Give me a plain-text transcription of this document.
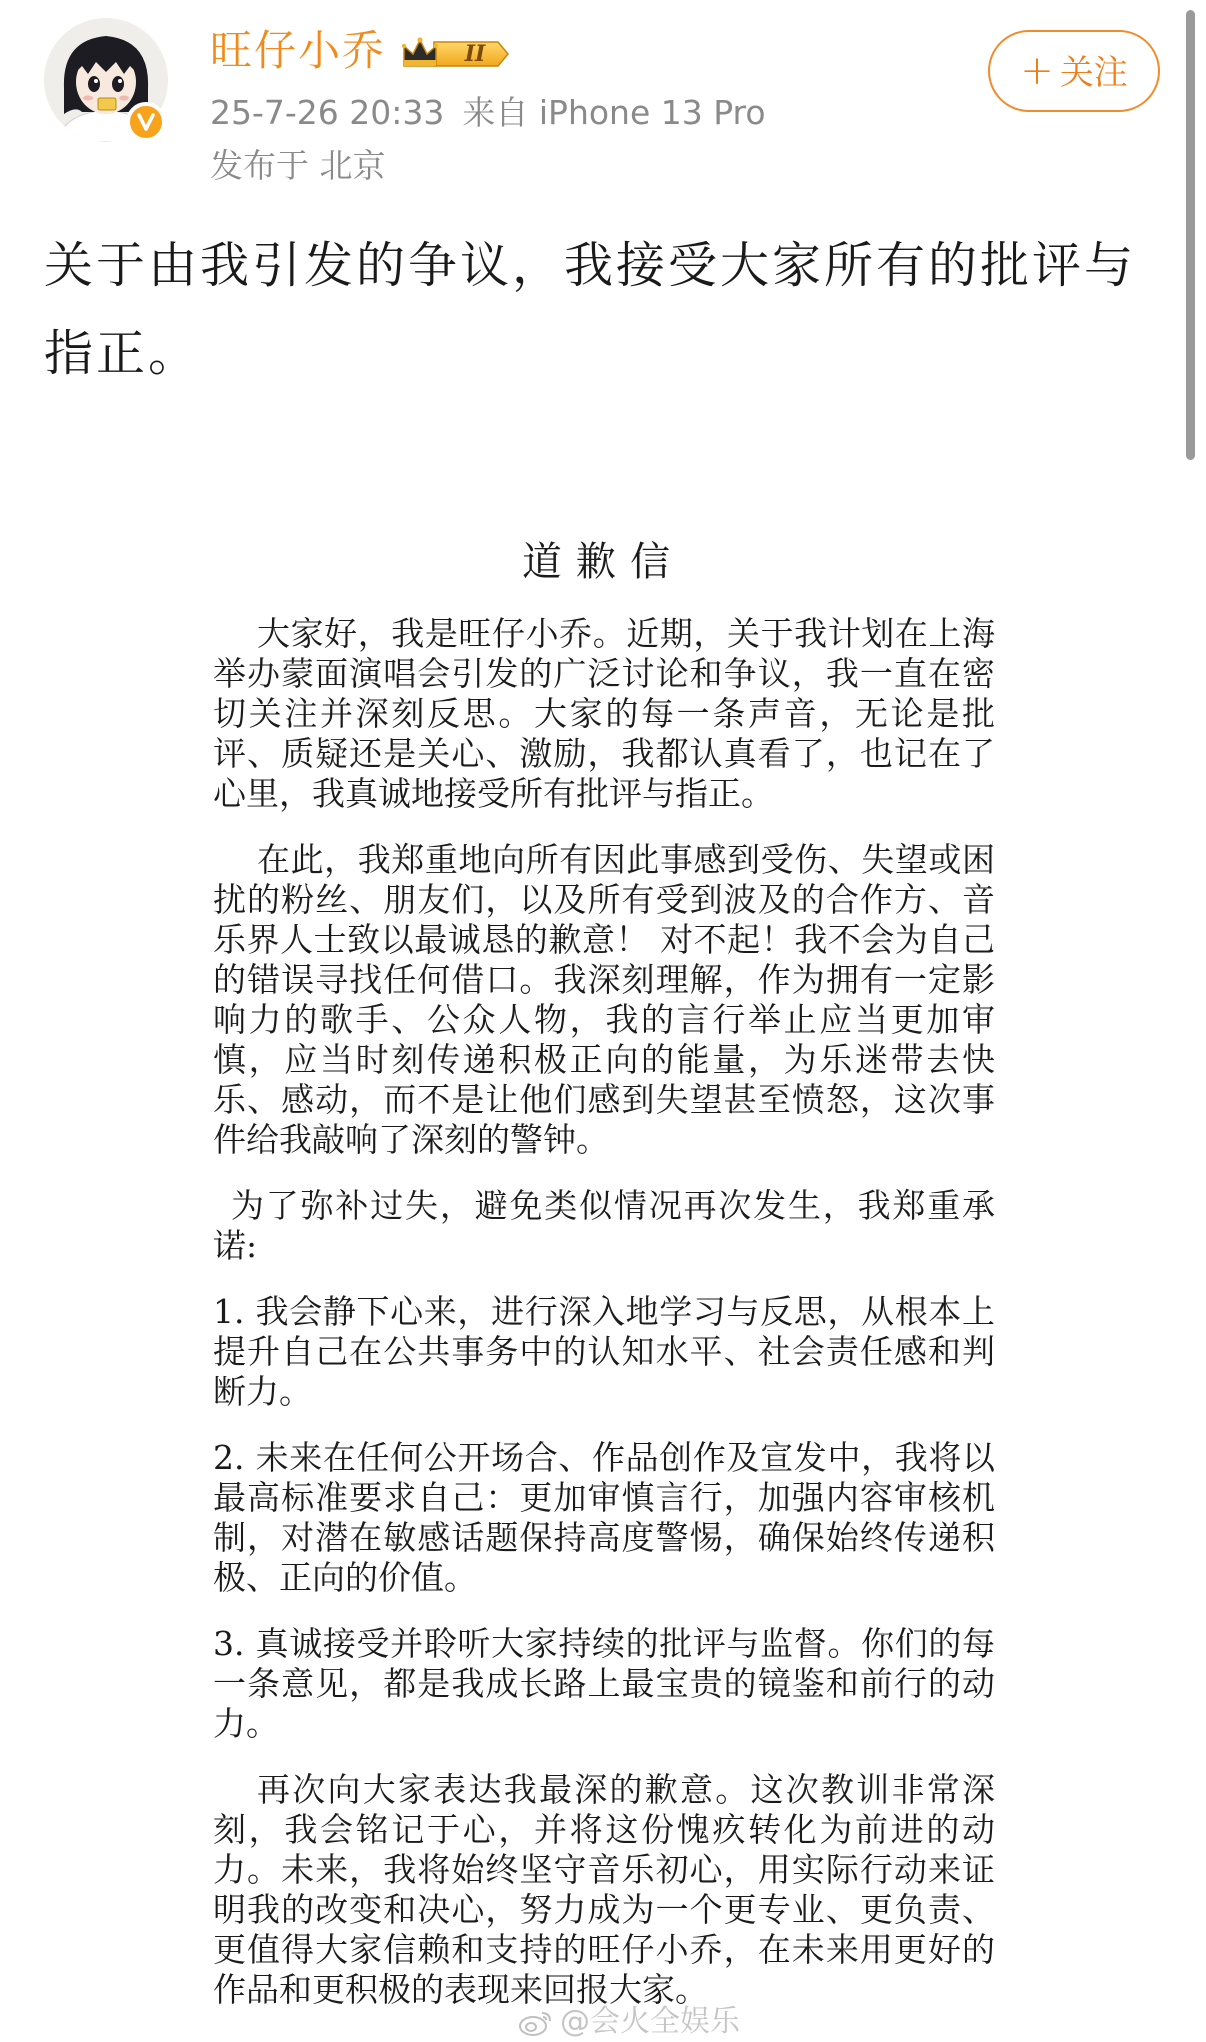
旺仔小乔	II
25-7-26 20:33 来自 iPhone 13 Pro
发布于 北京
+ 关注
关于由我引发的争议，我接受大家所有的批评与指正。
道歉信

大家好，我是旺仔小乔。近期，关于我计划在上海举办蒙面演唱会引发的广泛讨论和争议，我一直在密切关注并深刻反思。大家的每一条声音，无论是批评、质疑还是关心、激励，我都认真看了，也记在了心里，我真诚地接受所有批评与指正。

在此，我郑重地向所有因此事感到受伤、失望或困扰的粉丝、朋友们，以及所有受到波及的合作方、音乐界人士致以最诚恳的歉意！ 对不起！我不会为自己的错误寻找任何借口。我深刻理解，作为拥有一定影响力的歌手、公众人物，我的言行举止应当更加审慎，应当时刻传递积极正向的能量，为乐迷带去快乐、感动，而不是让他们感到失望甚至愤怒，这次事件给我敲响了深刻的警钟。

为了弥补过失，避免类似情况再次发生，我郑重承诺:

1. 我会静下心来，进行深入地学习与反思，从根本上提升自己在公共事务中的认知水平、社会责任感和判断力。

2. 未来在任何公开场合、作品创作及宣发中，我将以最高标准要求自己：更加审慎言行，加强内容审核机制，对潜在敏感话题保持高度警惕，确保始终传递积极、正向的价值。

3. 真诚接受并聆听大家持续的批评与监督。你们的每一条意见，都是我成长路上最宝贵的镜鉴和前行的动力。

再次向大家表达我最深的歉意。这次教训非常深刻，我会铭记于心，并将这份愧疚转化为前进的动力。未来，我将始终坚守音乐初心，用实际行动来证明我的改变和决心，努力成为一个更专业、更负责、更值得大家信赖和支持的旺仔小乔，在未来用更好的作品和更积极的表现来回报大家。

@会火全娱乐
